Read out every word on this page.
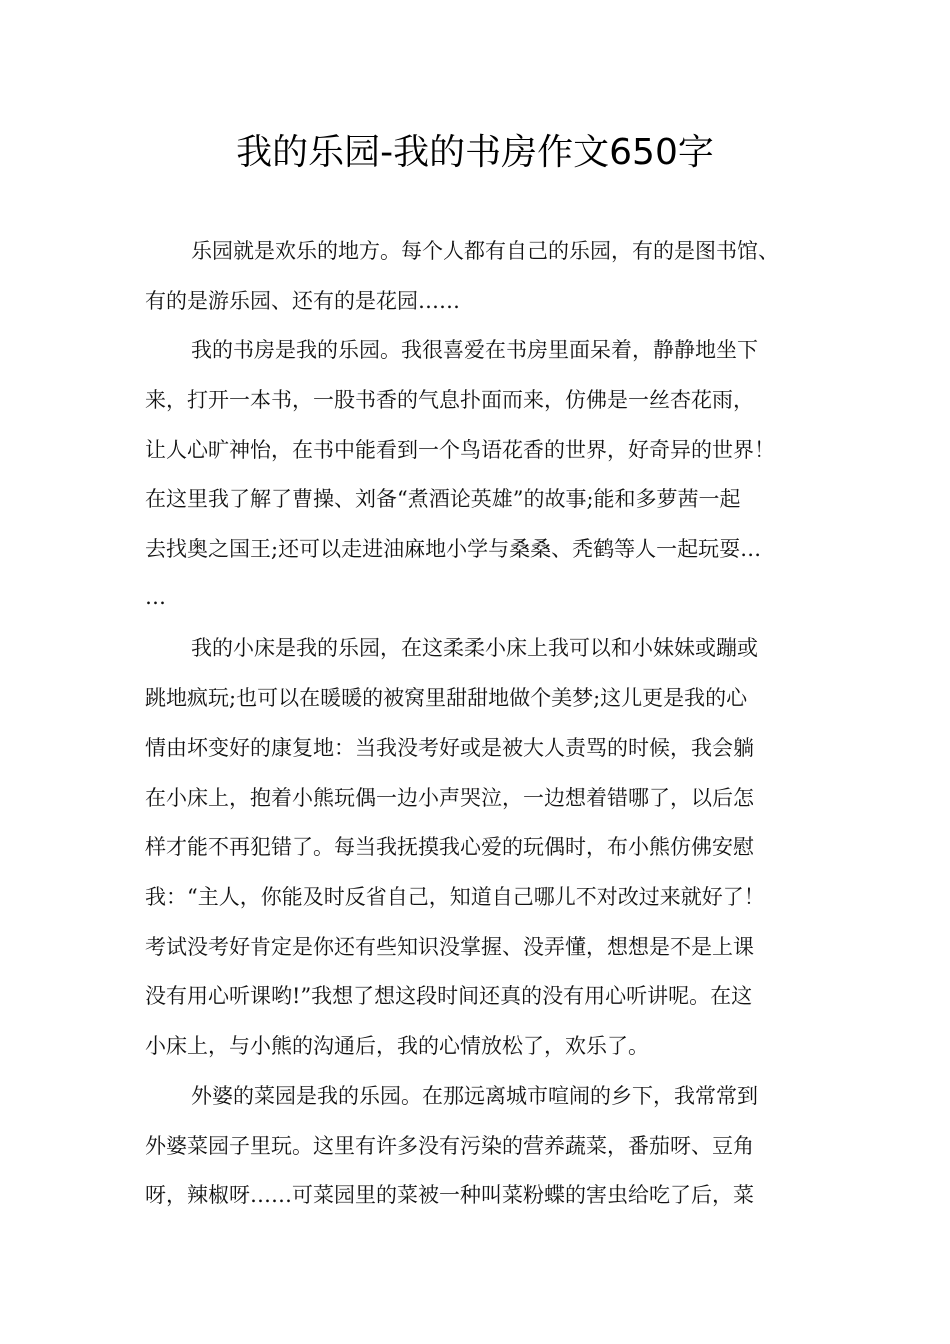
我的乐园-我的书房作文650字

乐园就是欢乐的地方。每个人都有自己的乐园，有的是图书馆、

有的是游乐园、还有的是花园……

我的书房是我的乐园。我很喜爱在书房里面呆着，静静地坐下

来，打开一本书，一股书香的气息扑面而来，仿佛是一丝杏花雨，

让人心旷神怡，在书中能看到一个鸟语花香的世界，好奇异的世界！

在这里我了解了曹操、刘备“煮酒论英雄”的故事;能和多萝茜一起

去找奥之国王;还可以走进油麻地小学与桑桑、秃鹤等人一起玩耍…

…

我的小床是我的乐园，在这柔柔小床上我可以和小妹妹或蹦或

跳地疯玩;也可以在暖暖的被窝里甜甜地做个美梦;这儿更是我的心

情由坏变好的康复地：当我没考好或是被大人责骂的时候，我会躺

在小床上，抱着小熊玩偶一边小声哭泣，一边想着错哪了，以后怎

样才能不再犯错了。每当我抚摸我心爱的玩偶时，布小熊仿佛安慰

我：“主人，你能及时反省自己，知道自己哪儿不对改过来就好了！

考试没考好肯定是你还有些知识没掌握、没弄懂，想想是不是上课

没有用心听课哟!”我想了想这段时间还真的没有用心听讲呢。在这

小床上，与小熊的沟通后，我的心情放松了，欢乐了。

外婆的菜园是我的乐园。在那远离城市喧闹的乡下，我常常到

外婆菜园子里玩。这里有许多没有污染的营养蔬菜，番茄呀、豆角

呀，辣椒呀……可菜园里的菜被一种叫菜粉蝶的害虫给吃了后，菜
